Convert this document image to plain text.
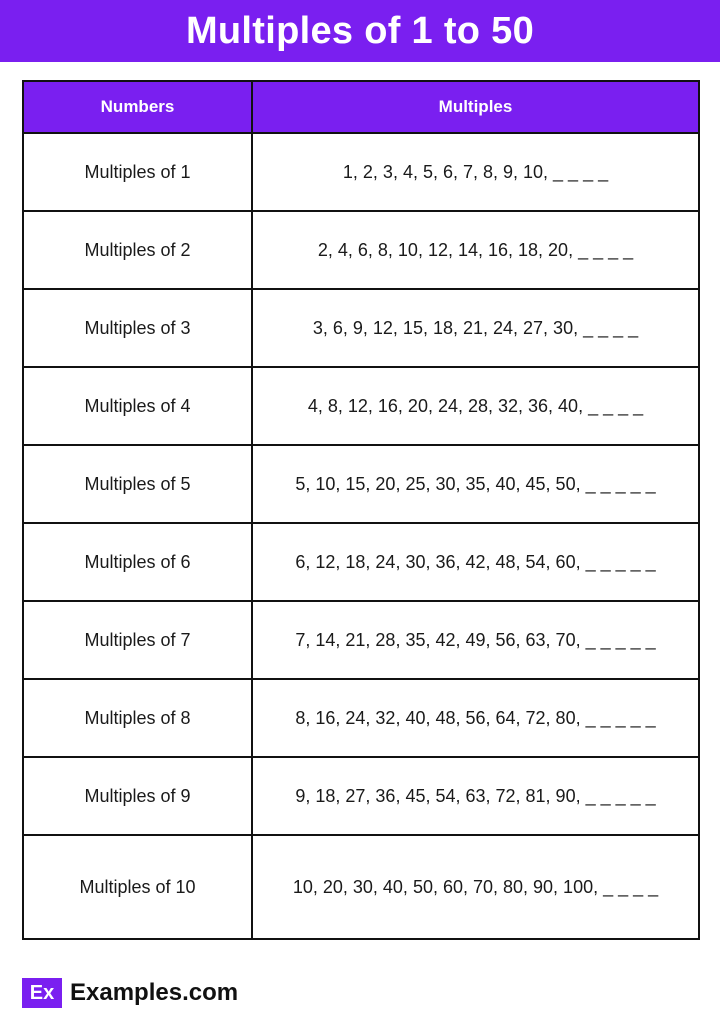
Multiples of 1 to 50
Numbers	Multiples
Multiples of 1	1, 2, 3, 4, 5, 6, 7, 8, 9, 10, _ _ _ _
Multiples of 2	2, 4, 6, 8, 10, 12, 14, 16, 18, 20, _ _ _ _
Multiples of 3	3, 6, 9, 12, 15, 18, 21, 24, 27, 30, _ _ _ _
Multiples of 4	4, 8, 12, 16, 20, 24, 28, 32, 36, 40, _ _ _ _
Multiples of 5	5, 10, 15, 20, 25, 30, 35, 40, 45, 50, _ _ _ _ _
Multiples of 6	6, 12, 18, 24, 30, 36, 42, 48, 54, 60, _ _ _ _ _
Multiples of 7	7, 14, 21, 28, 35, 42, 49, 56, 63, 70, _ _ _ _ _
Multiples of 8	8, 16, 24, 32, 40, 48, 56, 64, 72, 80, _ _ _ _ _
Multiples of 9	9, 18, 27, 36, 45, 54, 63, 72, 81, 90, _ _ _ _ _
Multiples of 10	10, 20, 30, 40, 50, 60, 70, 80, 90, 100, _ _ _ _
Ex Examples.com
